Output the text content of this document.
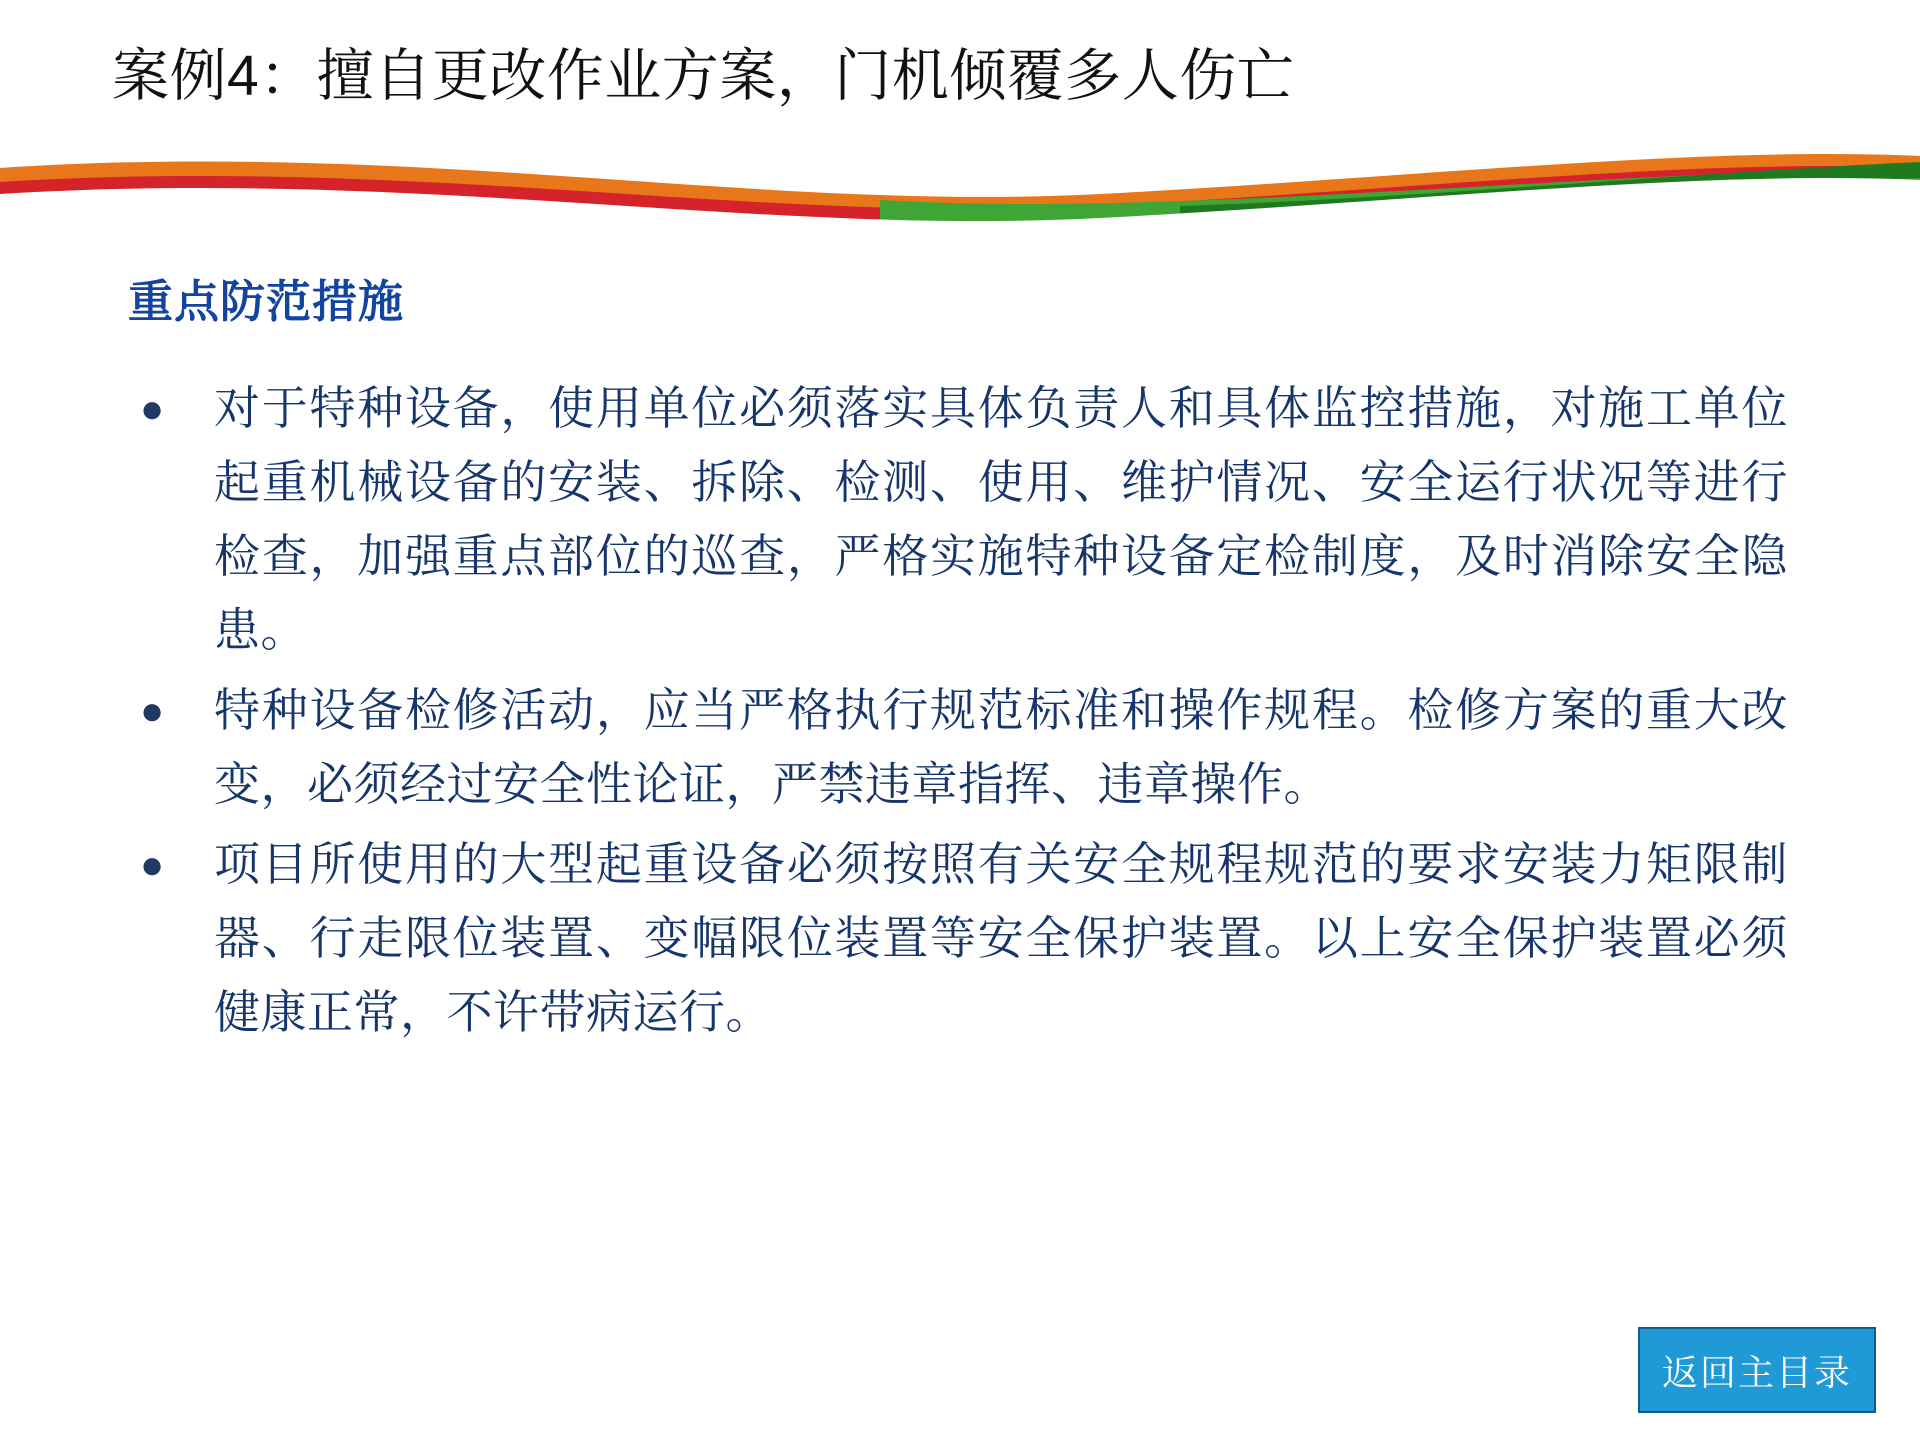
案例4：擅自更改作业方案，门机倾覆多人伤亡
重点防范措施
●	对于特种设备，使用单位必须落实具体负责人和具体监控措施，对施工单位起重机械设备的安装、拆除、检测、使用、维护情况、安全运行状况等进行检查，加强重点部位的巡查，严格实施特种设备定检制度，及时消除安全隐患。
●	特种设备检修活动，应当严格执行规范标准和操作规程。检修方案的重大改变，必须经过安全性论证，严禁违章指挥、违章操作。
●	项目所使用的大型起重设备必须按照有关安全规程规范的要求安装力矩限制器、行走限位装置、变幅限位装置等安全保护装置。以上安全保护装置必须健康正常，不许带病运行。
返回主目录
